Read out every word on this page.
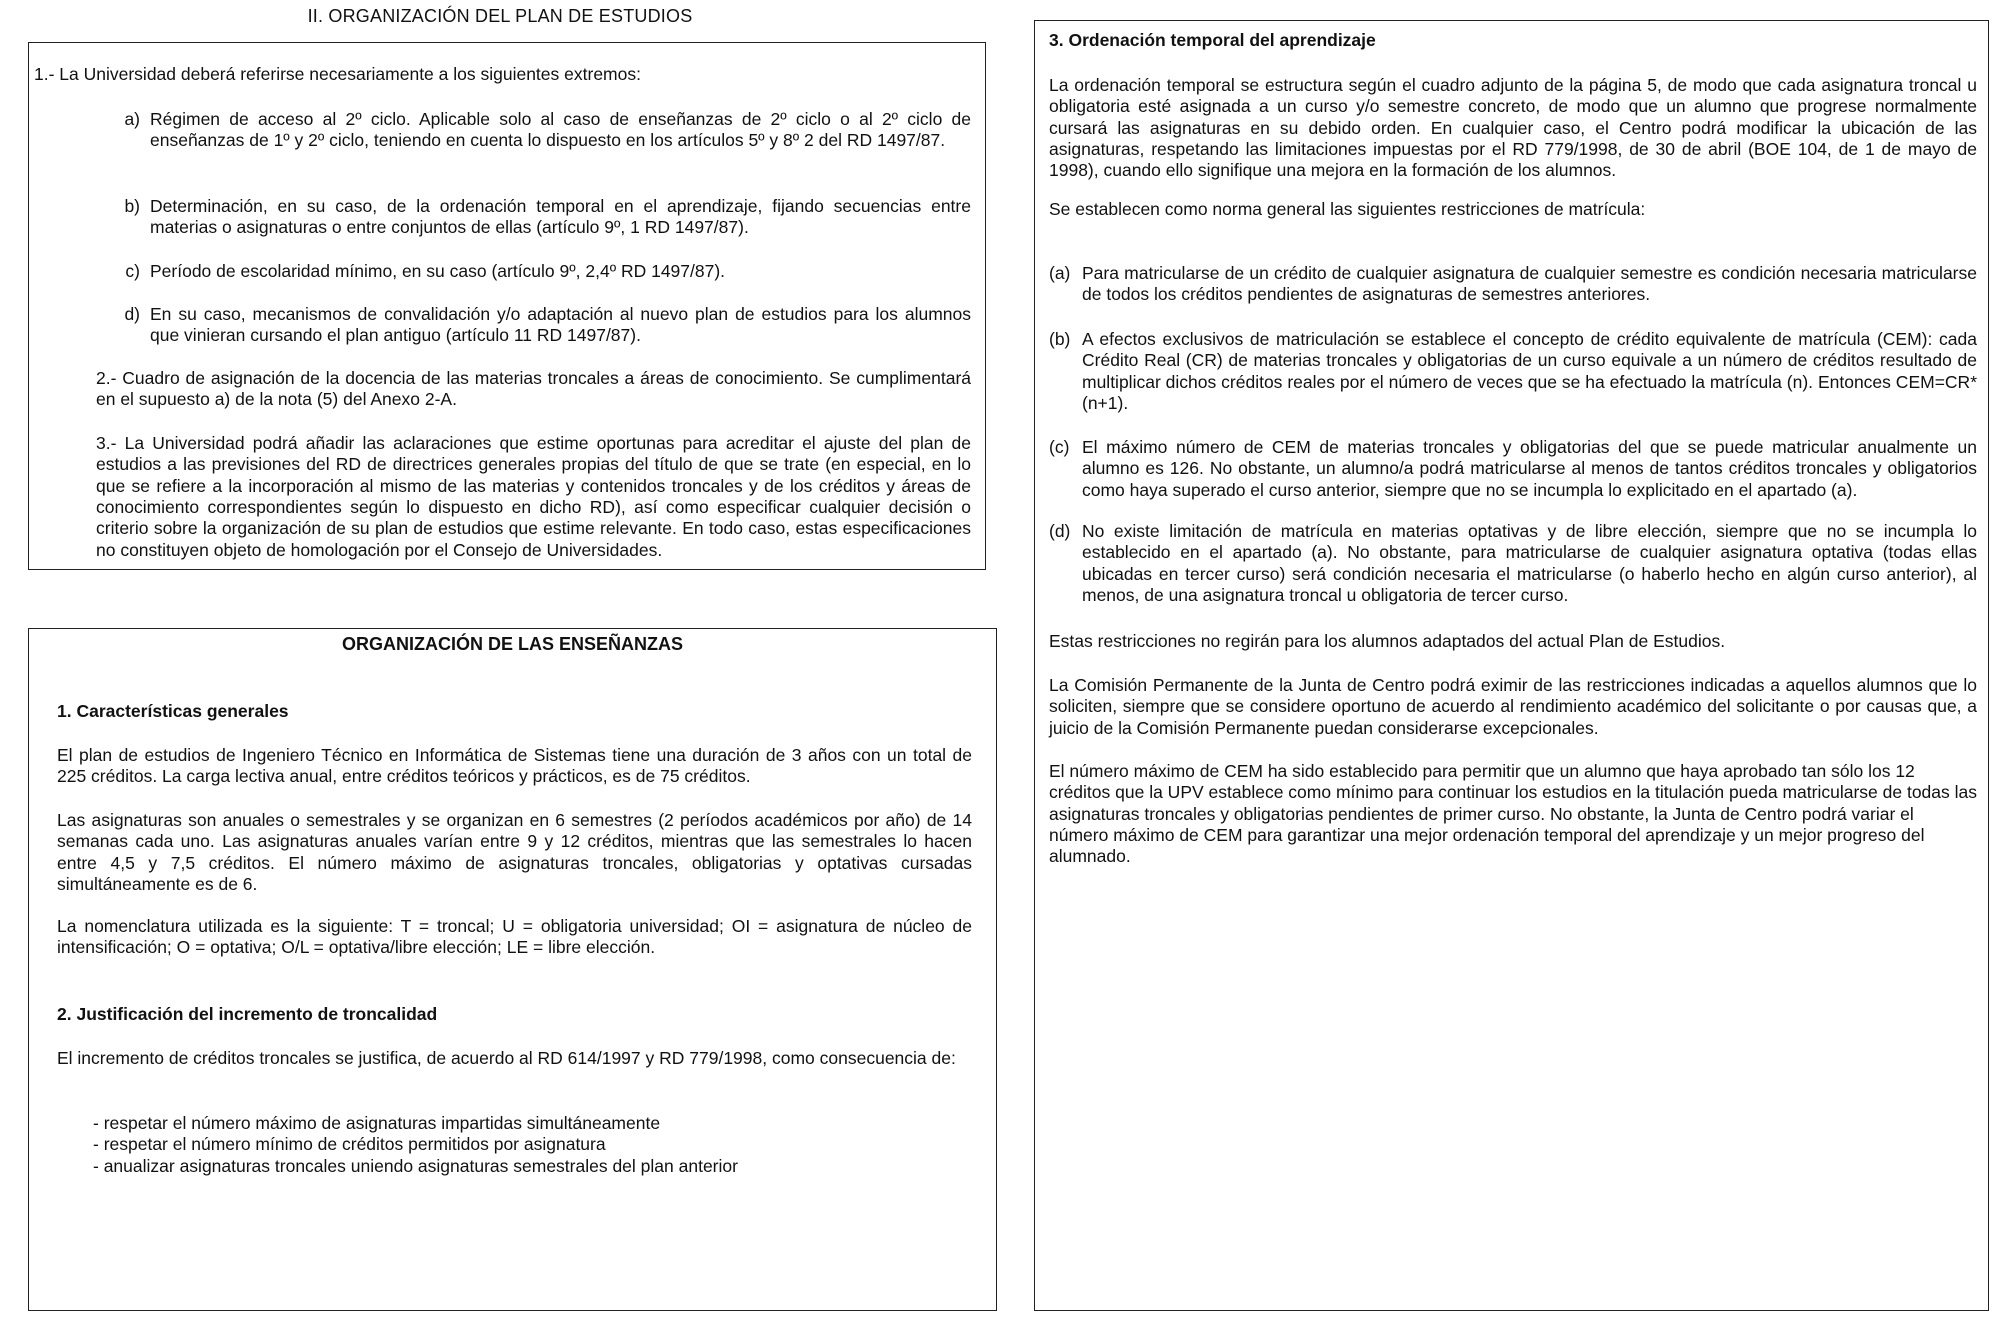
II. ORGANIZACIÓN DEL PLAN DE ESTUDIOS
1.- La Universidad deberá referirse necesariamente a los siguientes extremos:
a) Régimen de acceso al 2º ciclo. Aplicable solo al caso de enseñanzas de 2º ciclo o al 2º ciclo de enseñanzas de 1º y 2º ciclo, teniendo en cuenta lo dispuesto en los artículos 5º y 8º 2 del RD 1497/87.
b) Determinación, en su caso, de la ordenación temporal en el aprendizaje, fijando secuencias entre materias o asignaturas o entre conjuntos de ellas (artículo 9º, 1 RD 1497/87).
c) Período de escolaridad mínimo, en su caso (artículo 9º, 2,4º RD 1497/87).
d) En su caso, mecanismos de convalidación y/o adaptación al nuevo plan de estudios para los alumnos que vinieran cursando el plan antiguo (artículo 11 RD 1497/87).

2.- Cuadro de asignación de la docencia de las materias troncales a áreas de conocimiento. Se cumplimentará en el supuesto a) de la nota (5) del Anexo 2-A.

3.- La Universidad podrá añadir las aclaraciones que estime oportunas para acreditar el ajuste del plan de estudios a las previsiones del RD de directrices generales propias del título de que se trate (en especial, en lo que se refiere a la incorporación al mismo de las materias y contenidos troncales y de los créditos y áreas de conocimiento correspondientes según lo dispuesto en dicho RD), así como especificar cualquier decisión o criterio sobre la organización de su plan de estudios que estime relevante. En todo caso, estas especificaciones no constituyen objeto de homologación por el Consejo de Universidades.

ORGANIZACIÓN DE LAS ENSEÑANZAS
1. Características generales

El plan de estudios de Ingeniero Técnico en Informática de Sistemas tiene una duración de 3 años con un total de 225 créditos. La carga lectiva anual, entre créditos teóricos y prácticos, es de 75 créditos.

Las asignaturas son anuales o semestrales y se organizan en 6 semestres (2 períodos académicos por año) de 14 semanas cada uno. Las asignaturas anuales varían entre 9 y 12 créditos, mientras que las semestrales lo hacen entre 4,5 y 7,5 créditos. El número máximo de asignaturas troncales, obligatorias y optativas cursadas simultáneamente es de 6.

La nomenclatura utilizada es la siguiente: T = troncal; U = obligatoria universidad; OI = asignatura de núcleo de intensificación; O = optativa; O/L = optativa/libre elección; LE = libre elección.

2. Justificación del incremento de troncalidad

El incremento de créditos troncales se justifica, de acuerdo al RD 614/1997 y RD 779/1998, como consecuencia de:

- respetar el número máximo de asignaturas impartidas simultáneamente
- respetar el número mínimo de créditos permitidos por asignatura
- anualizar asignaturas troncales uniendo asignaturas semestrales del plan anterior
3. Ordenación temporal del aprendizaje

La ordenación temporal se estructura según el cuadro adjunto de la página 5, de modo que cada asignatura troncal u obligatoria esté asignada a un curso y/o semestre concreto, de modo que un alumno que progrese normalmente cursará las asignaturas en su debido orden. En cualquier caso, el Centro podrá modificar la ubicación de las asignaturas, respetando las limitaciones impuestas por el RD 779/1998, de 30 de abril (BOE 104, de 1 de mayo de 1998), cuando ello signifique una mejora en la formación de los alumnos.

Se establecen como norma general las siguientes restricciones de matrícula:

(a) Para matricularse de un crédito de cualquier asignatura de cualquier semestre es condición necesaria matricularse de todos los créditos pendientes de asignaturas de semestres anteriores.
(b) A efectos exclusivos de matriculación se establece el concepto de crédito equivalente de matrícula (CEM): cada Crédito Real (CR) de materias troncales y obligatorias de un curso equivale a un número de créditos resultado de multiplicar dichos créditos reales por el número de veces que se ha efectuado la matrícula (n). Entonces CEM=CR*(n+1).
(c) El máximo número de CEM de materias troncales y obligatorias del que se puede matricular anualmente un alumno es 126. No obstante, un alumno/a podrá matricularse al menos de tantos créditos troncales y obligatorios como haya superado el curso anterior, siempre que no se incumpla lo explicitado en el apartado (a).
(d) No existe limitación de matrícula en materias optativas y de libre elección, siempre que no se incumpla lo establecido en el apartado (a). No obstante, para matricularse de cualquier asignatura optativa (todas ellas ubicadas en tercer curso) será condición necesaria el matricularse (o haberlo hecho en algún curso anterior), al menos, de una asignatura troncal u obligatoria de tercer curso.

Estas restricciones no regirán para los alumnos adaptados del actual Plan de Estudios.

La Comisión Permanente de la Junta de Centro podrá eximir de las restricciones indicadas a aquellos alumnos que lo soliciten, siempre que se considere oportuno de acuerdo al rendimiento académico del solicitante o por causas que, a juicio de la Comisión Permanente puedan considerarse excepcionales.

El número máximo de CEM ha sido establecido para permitir que un alumno que haya aprobado tan sólo los 12 créditos que la UPV establece como mínimo para continuar los estudios en la titulación pueda matricularse de todas las asignaturas troncales y obligatorias pendientes de primer curso. No obstante, la Junta de Centro podrá variar el número máximo de CEM para garantizar una mejor ordenación temporal del aprendizaje y un mejor progreso del alumnado.
